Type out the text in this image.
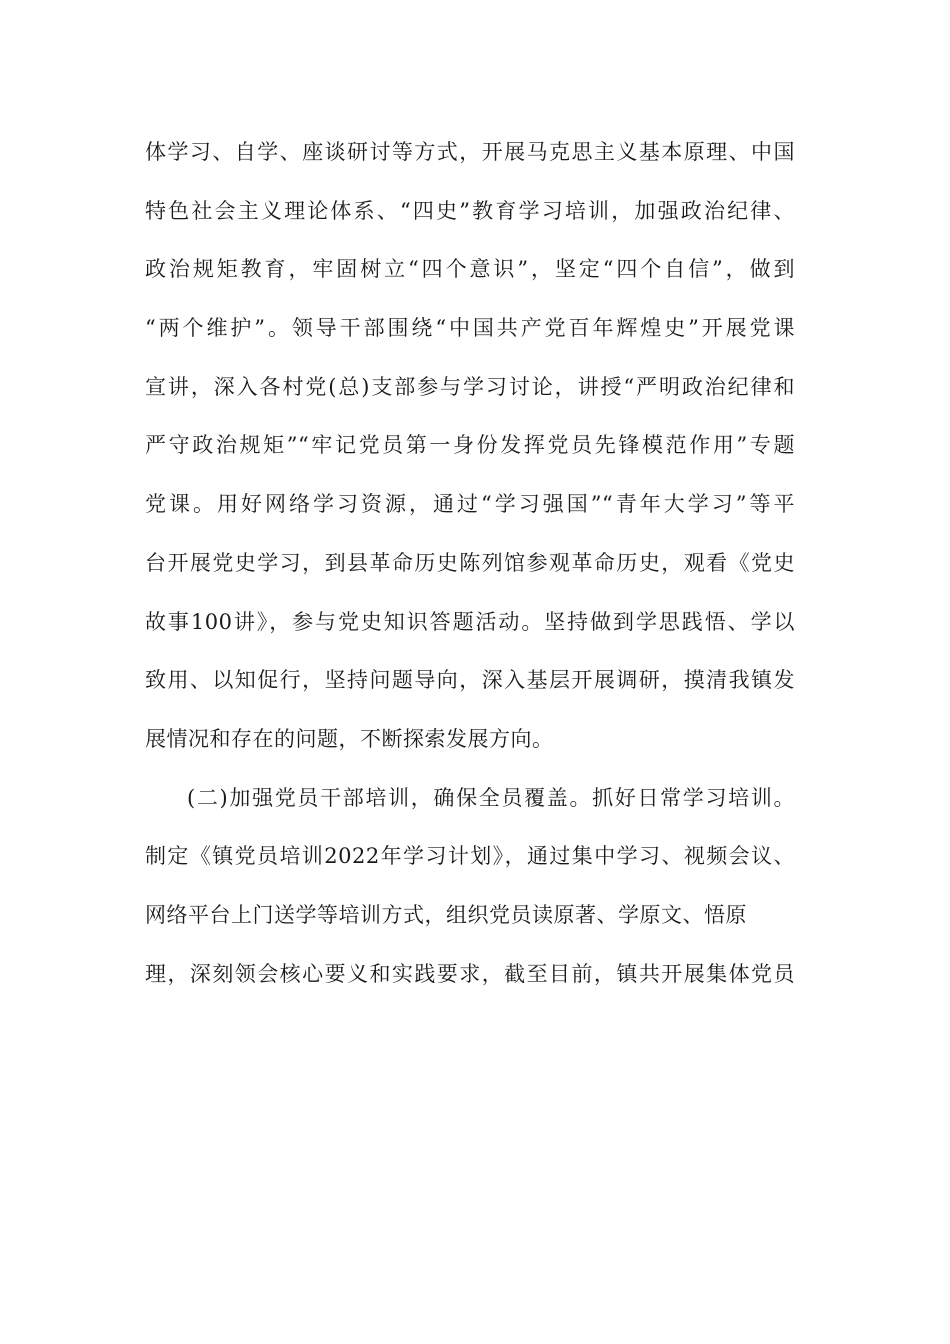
体学习、自学、座谈研讨等方式，开展马克思主义基本原理、中国
特色社会主义理论体系、“四史”教育学习培训，加强政治纪律、
政治规矩教育，牢固树立“四个意识”，坚定“四个自信”，做到
“两个维护”。领导干部围绕“中国共产党百年辉煌史”开展党课
宣讲，深入各村党(总)支部参与学习讨论，讲授“严明政治纪律和
严守政治规矩”“牢记党员第一身份发挥党员先锋模范作用”专题
党课。用好网络学习资源，通过“学习强国”“青年大学习”等平
台开展党史学习，到县革命历史陈列馆参观革命历史，观看《党史
故事100讲》，参与党史知识答题活动。坚持做到学思践悟、学以
致用、以知促行，坚持问题导向，深入基层开展调研，摸清我镇发
展情况和存在的问题，不断探索发展方向。
(二)加强党员干部培训，确保全员覆盖。抓好日常学习培训。
制定《镇党员培训2022年学习计划》，通过集中学习、视频会议、
网络平台上门送学等培训方式，组织党员读原著、学原文、悟原
理，深刻领会核心要义和实践要求，截至目前，镇共开展集体党员
